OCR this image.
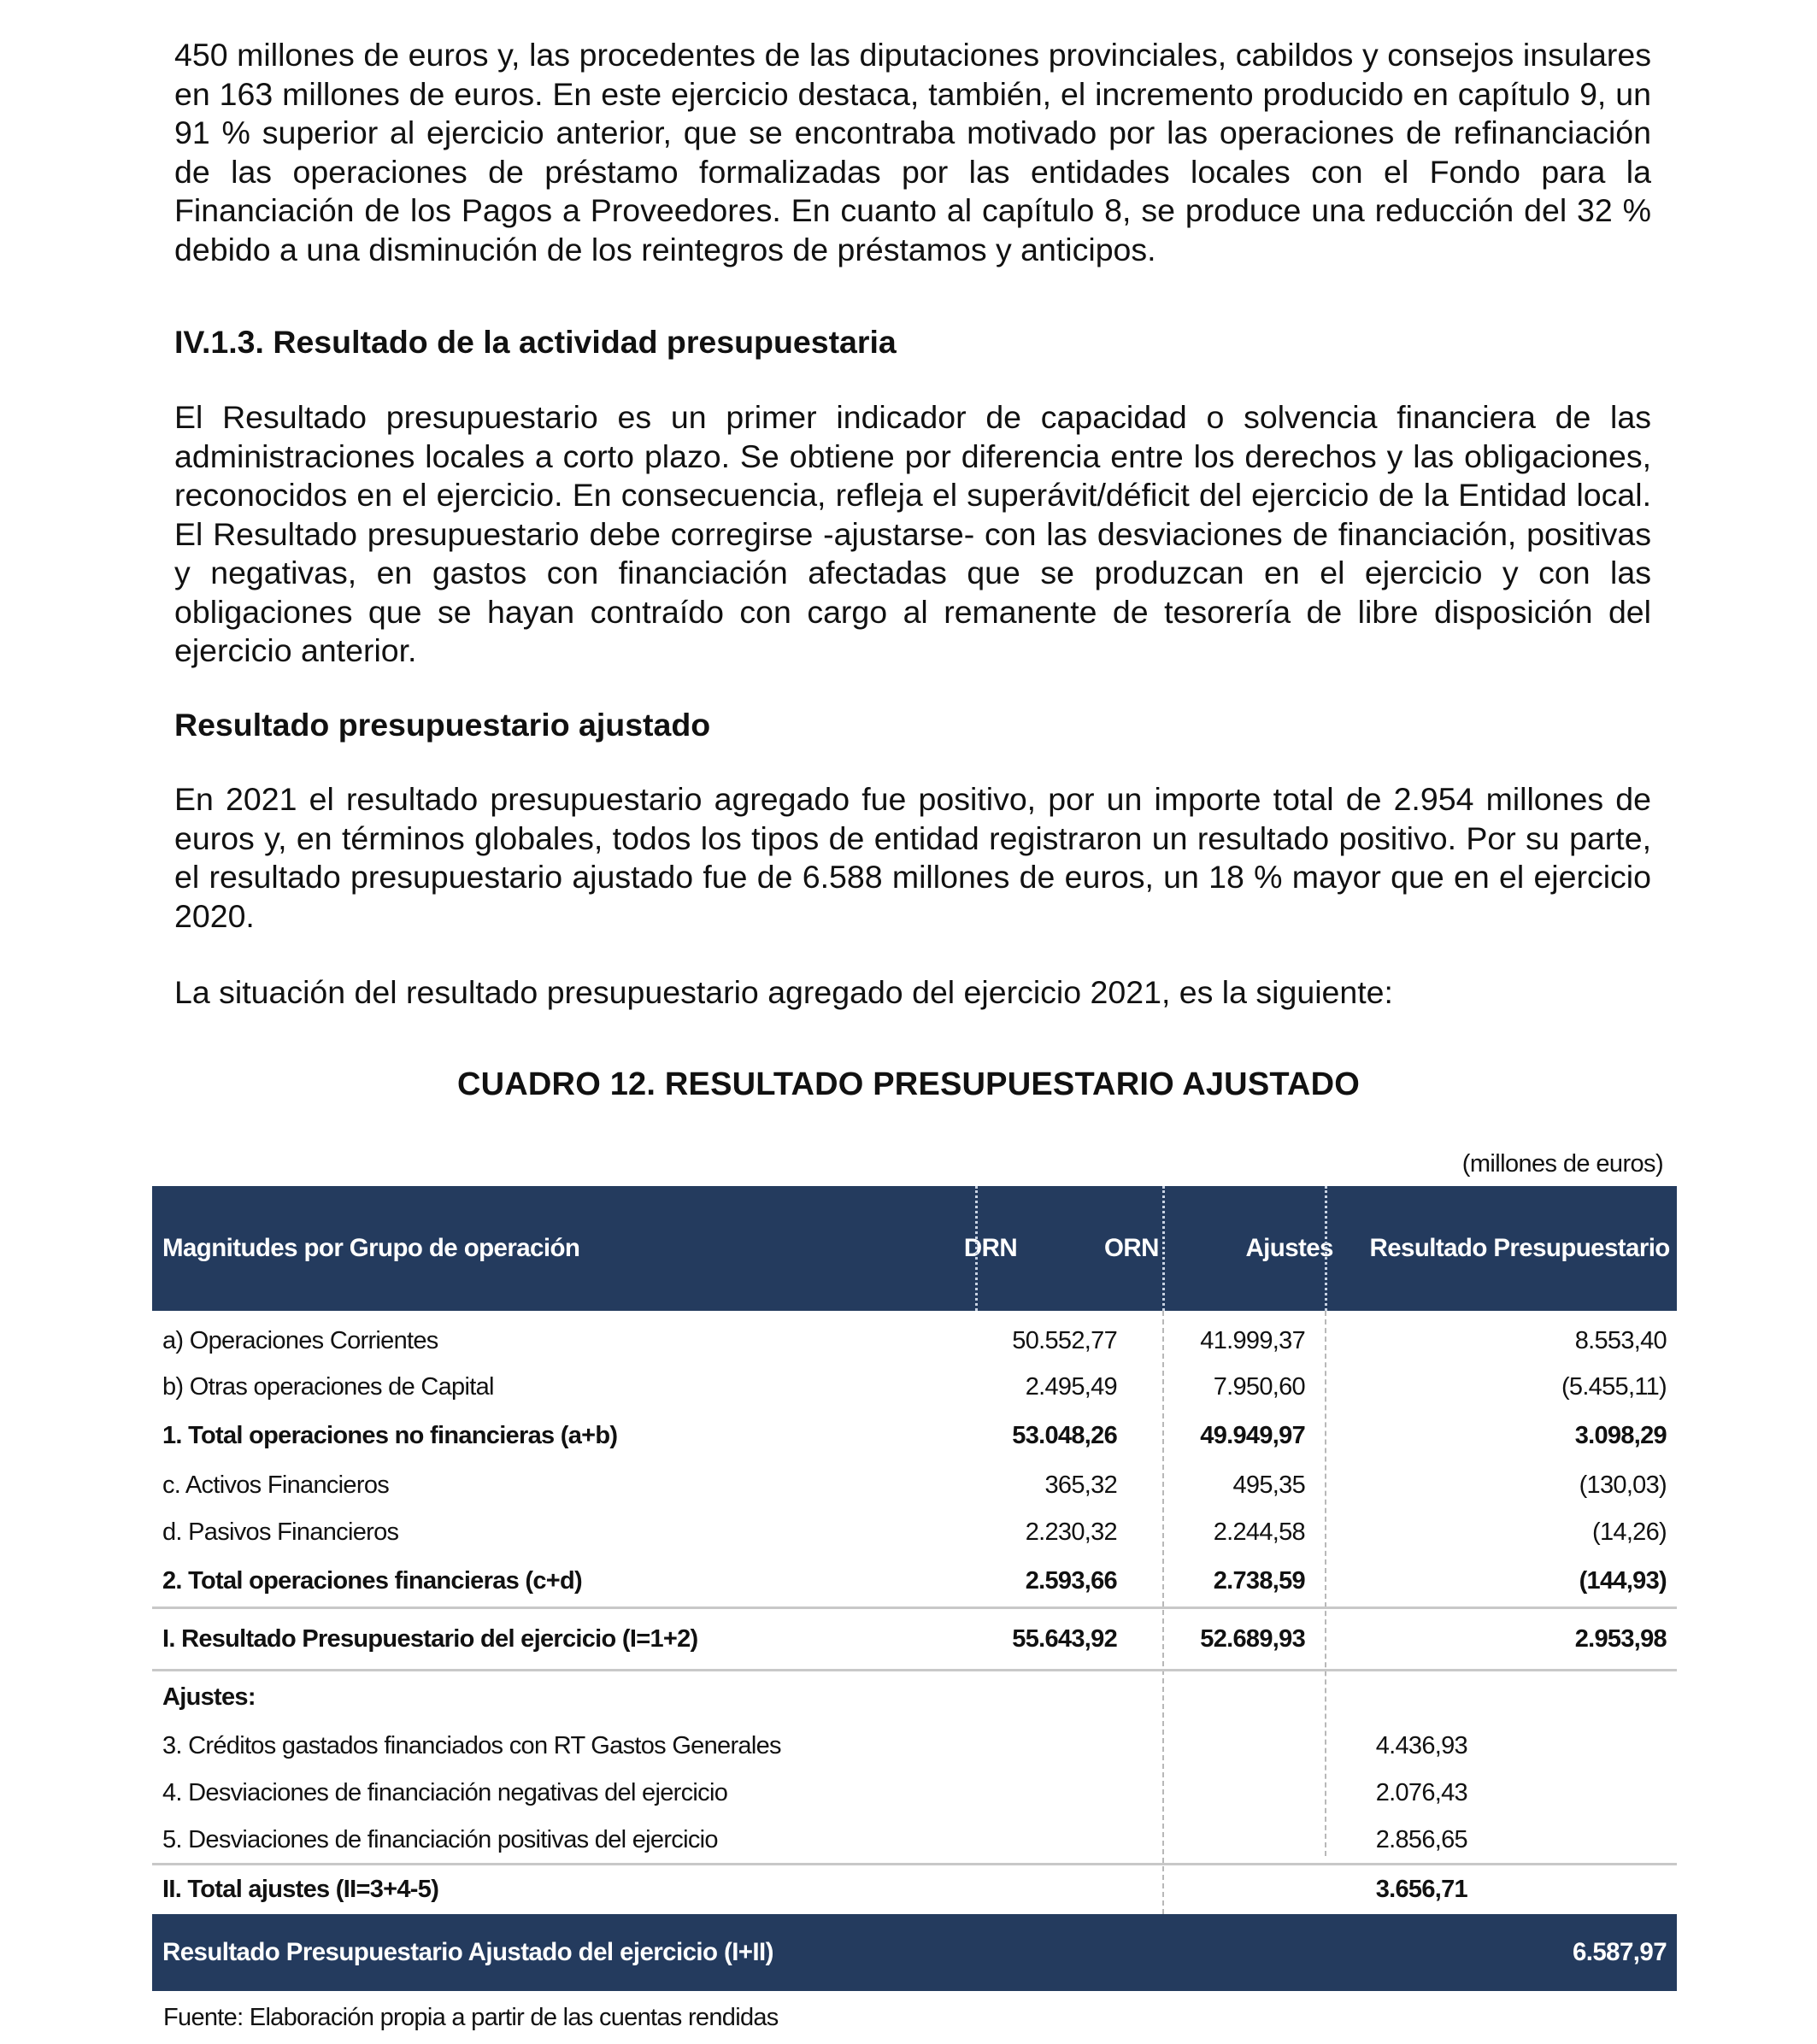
450 millones de euros y, las procedentes de las diputaciones provinciales, cabildos y consejos insulares en 163 millones de euros. En este ejercicio destaca, también, el incremento producido en capítulo 9, un 91 % superior al ejercicio anterior, que se encontraba motivado por las operaciones de refinanciación de las operaciones de préstamo formalizadas por las entidades locales con el Fondo para la Financiación de los Pagos a Proveedores. En cuanto al capítulo 8, se produce una reducción del 32 % debido a una disminución de los reintegros de préstamos y anticipos.
IV.1.3. Resultado de la actividad presupuestaria
El Resultado presupuestario es un primer indicador de capacidad o solvencia financiera de las administraciones locales a corto plazo. Se obtiene por diferencia entre los derechos y las obligaciones, reconocidos en el ejercicio. En consecuencia, refleja el superávit/déficit del ejercicio de la Entidad local. El Resultado presupuestario debe corregirse -ajustarse- con las desviaciones de financiación, positivas y negativas, en gastos con financiación afectadas que se produzcan en el ejercicio y con las obligaciones que se hayan contraído con cargo al remanente de tesorería de libre disposición del ejercicio anterior.
Resultado presupuestario ajustado
En 2021 el resultado presupuestario agregado fue positivo, por un importe total de 2.954 millones de euros y, en términos globales, todos los tipos de entidad registraron un resultado positivo. Por su parte, el resultado presupuestario ajustado fue de 6.588 millones de euros, un 18 % mayor que en el ejercicio 2020.
La situación del resultado presupuestario agregado del ejercicio 2021, es la siguiente:
CUADRO 12. RESULTADO PRESUPUESTARIO AJUSTADO
(millones de euros)
Magnitudes por Grupo de operación	DRN	ORN	Ajustes	Resultado Presupuestario
a) Operaciones Corrientes	50.552,77	41.999,37	8.553,40
b) Otras operaciones de Capital	2.495,49	7.950,60	(5.455,11)
1. Total operaciones no financieras (a+b)	53.048,26	49.949,97	3.098,29
c. Activos Financieros	365,32	495,35	(130,03)
d. Pasivos Financieros	2.230,32	2.244,58	(14,26)
2. Total operaciones financieras (c+d)	2.593,66	2.738,59	(144,93)
I. Resultado Presupuestario del ejercicio (I=1+2)	55.643,92	52.689,93	2.953,98
Ajustes:
3. Créditos gastados financiados con RT Gastos Generales	4.436,93
4. Desviaciones de financiación negativas del ejercicio	2.076,43
5. Desviaciones de financiación positivas del ejercicio	2.856,65
II. Total ajustes (II=3+4-5)	3.656,71
Resultado Presupuestario Ajustado del ejercicio (I+II)	6.587,97
Fuente: Elaboración propia a partir de las cuentas rendidas
